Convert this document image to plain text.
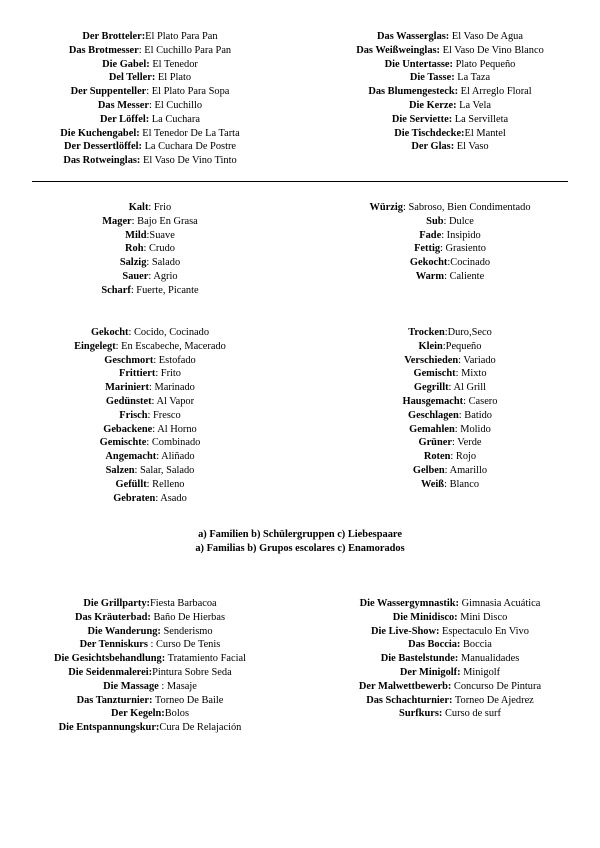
Der Brotteler:El Plato Para Pan
Das Brotmesser: El Cuchillo Para Pan
Die Gabel: El Tenedor
Del Teller: El Plato
Der Suppenteller: El Plato Para Sopa
Das Messer: El Cuchillo
Der Löffel: La Cuchara
Die Kuchengabel: El Tenedor De La Tarta
Der Dessertlöffel: La Cuchara De Postre
Das Rotweinglas: El Vaso De Vino Tinto
Das Wasserglas: El Vaso De Agua
Das Weißweinglas: El Vaso De Vino Blanco
Die Untertasse: Plato Pequeño
Die Tasse: La Taza
Das Blumengesteck: El Arreglo Floral
Die Kerze: La Vela
Die Serviette: La Servilleta
Die Tischdecke:El Mantel
Der Glas: El Vaso
Kalt: Frio
Mager: Bajo En Grasa
Mild:Suave
Roh: Crudo
Salzig: Salado
Sauer: Agrio
Scharf: Fuerte, Picante
Würzig: Sabroso, Bien Condimentado
Sub: Dulce
Fade: Insipido
Fettig: Grasiento
Gekocht:Cocinado
Warm: Caliente
Gekocht: Cocido, Cocinado
Eingelegt: En Escabeche, Macerado
Geschmort: Estofado
Frittiert: Frito
Mariniert: Marinado
Gedünstet: Al Vapor
Frisch: Fresco
Gebackene: Al Horno
Gemischte: Combinado
Angemacht: Aliñado
Salzen: Salar, Salado
Gefüllt: Relleno
Gebraten: Asado
Trocken:Duro,Seco
Klein:Pequeño
Verschieden: Variado
Gemischt: Mixto
Gegrillt: Al Grill
Hausgemacht: Casero
Geschlagen: Batido
Gemahlen: Molido
Grüner: Verde
Roten: Rojo
Gelben: Amarillo
Weiß: Blanco
a) Familien b) Schülergruppen c) Liebespaare
a) Familias b) Grupos escolares c) Enamorados
Die Grillparty:Fiesta Barbacoa
Das Kräuterbad: Baño De Hierbas
Die Wanderung: Senderismo
Der Tenniskurs : Curso De Tenis
Die Gesichtsbehandlung: Tratamiento Facial
Die Seidenmalerei:Pintura Sobre Seda
Die Massage : Masaje
Das Tanzturnier: Torneo De Baile
Der Kegeln:Bolos
Die Entspannungskur:Cura De Relajación
Die Wassergymnastik: Gimnasia Acuática
Die Minidisco: Mini Disco
Die Live-Show: Espectaculo En Vivo
Das Boccia: Boccia
Die Bastelstunde: Manualidades
Der Minigolf: Minigolf
Der Malwettbewerb: Concurso De Pintura
Das Schachturnier: Torneo De Ajedrez
Surfkurs: Curso de surf
